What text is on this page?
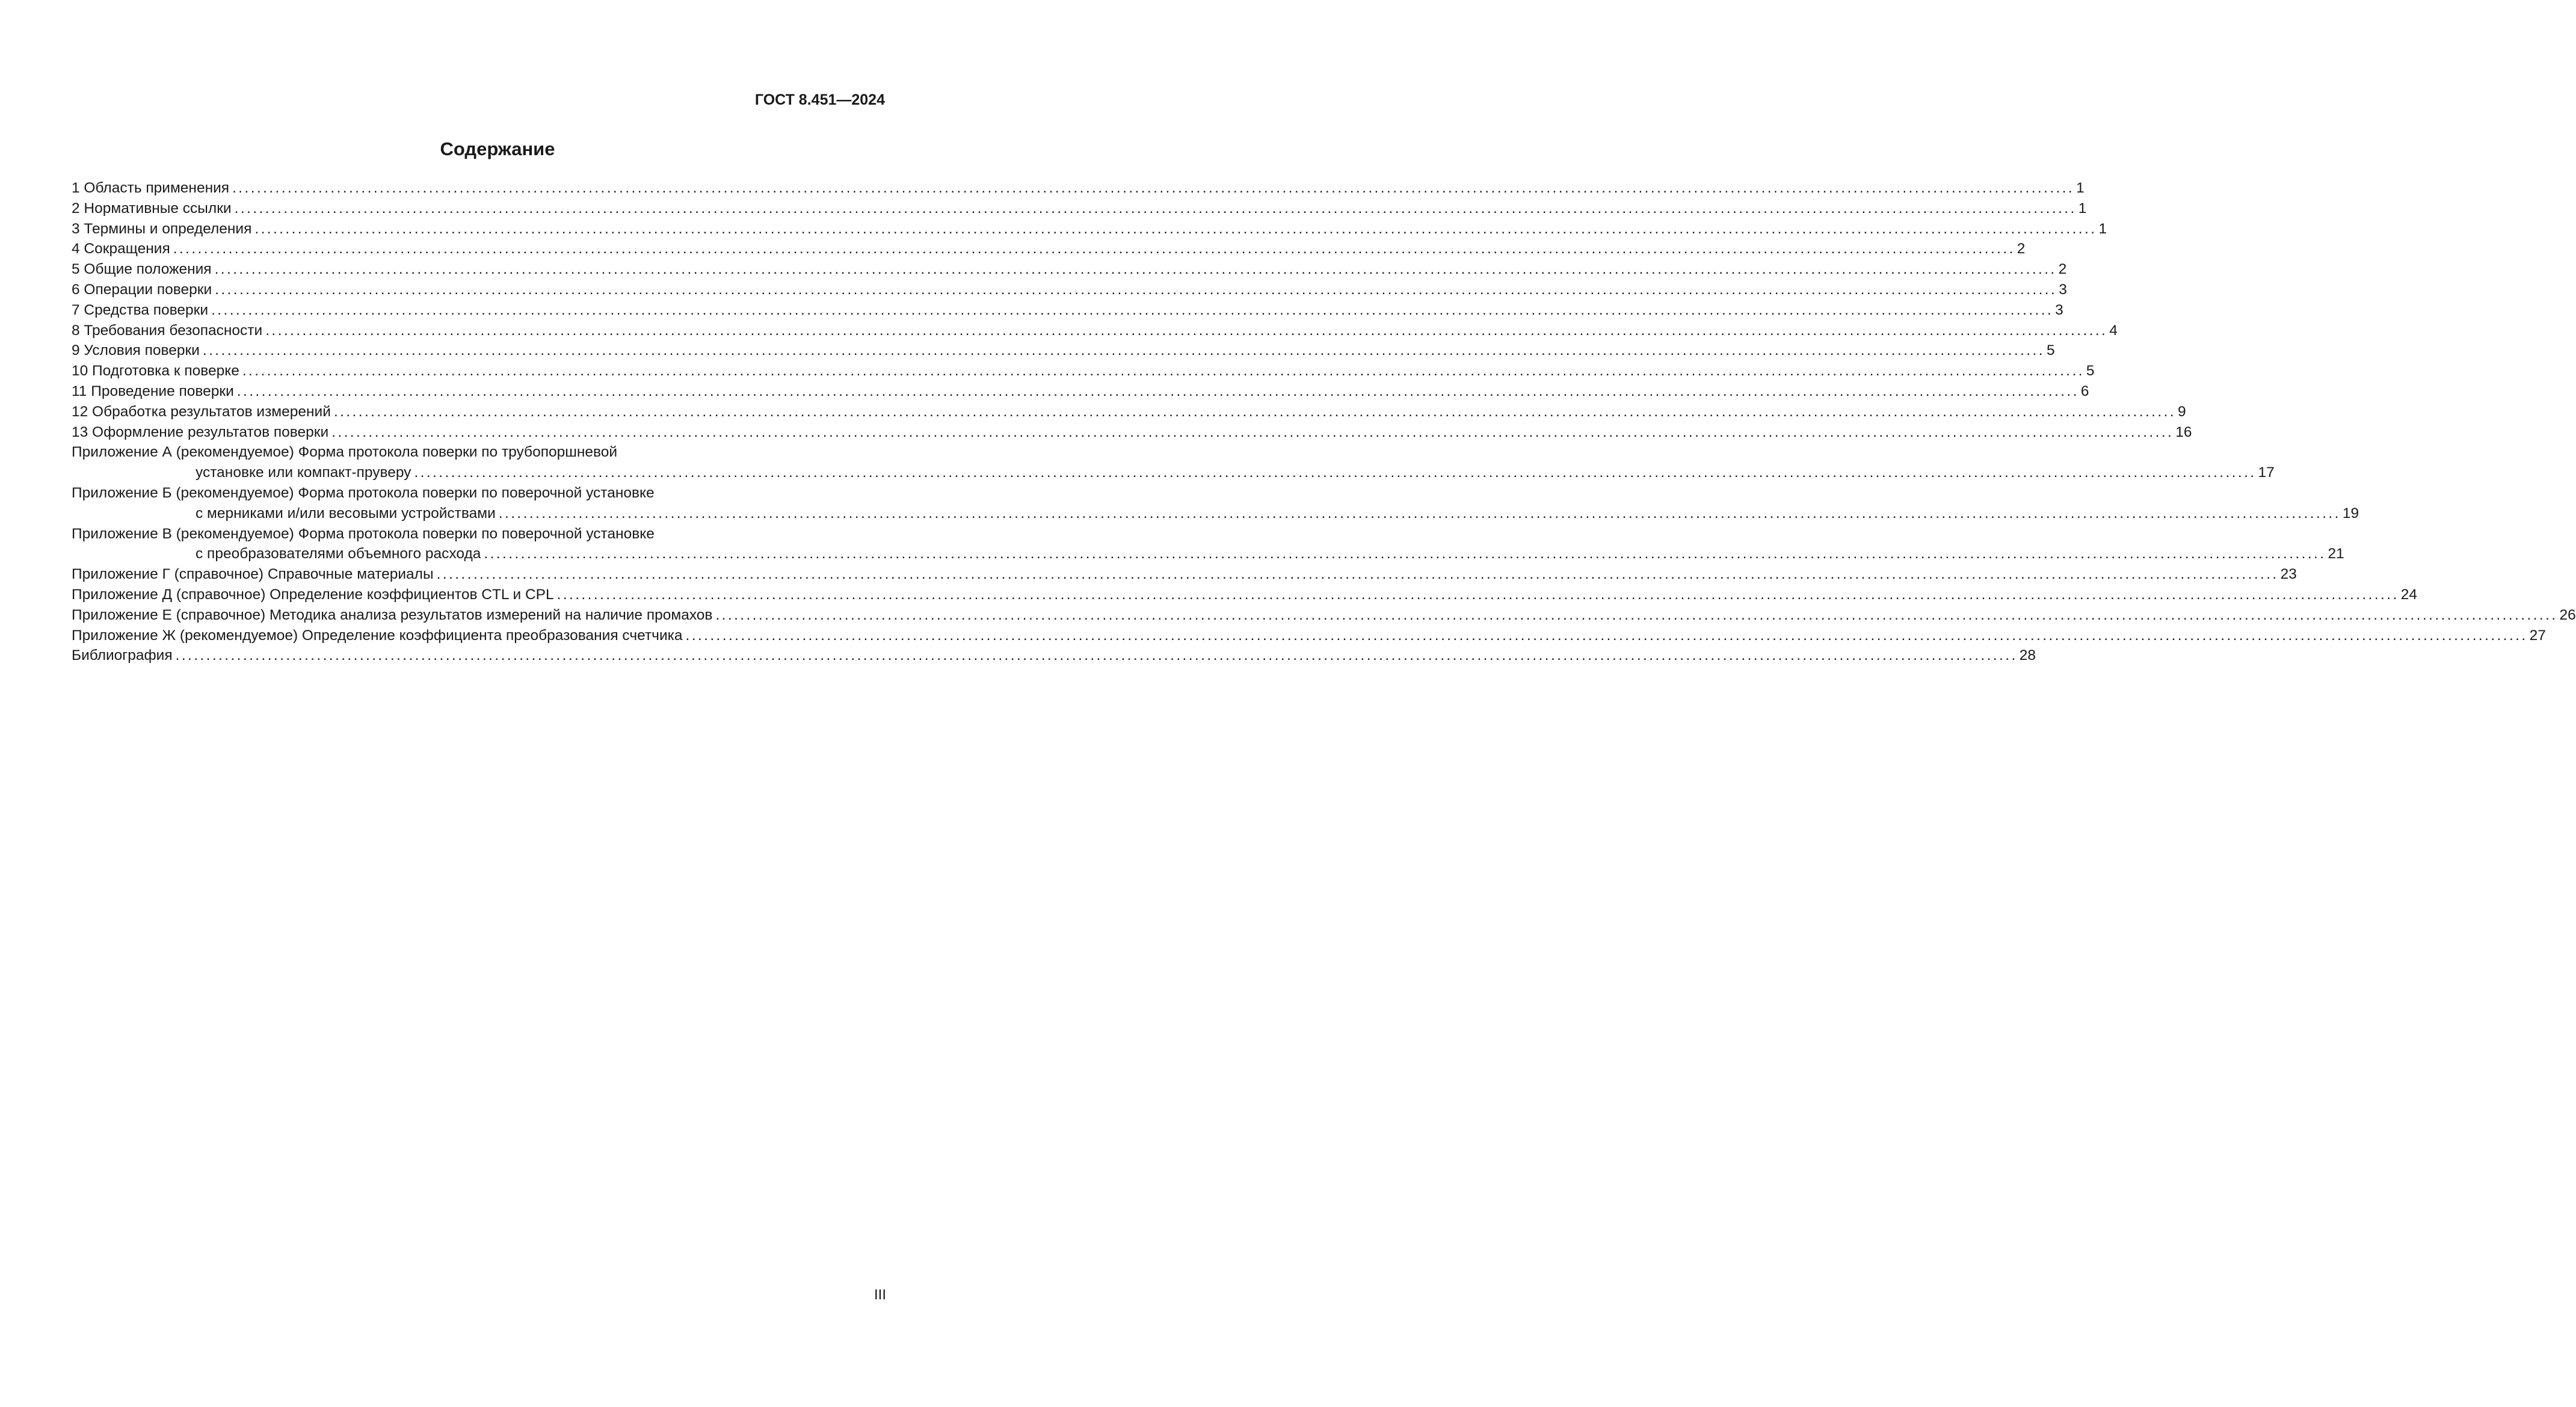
ГОСТ 8.451—2024
Содержание
1 Область применения ............................................................................................................................................................................................................................................................................................................ 1
2 Нормативные ссылки ............................................................................................................................................................................................................................................................................................................ 1
3 Термины и определения ............................................................................................................................................................................................................................................................................................................ 1
4 Сокращения ............................................................................................................................................................................................................................................................................................................ 2
5 Общие положения ............................................................................................................................................................................................................................................................................................................ 2
6 Операции поверки ............................................................................................................................................................................................................................................................................................................ 3
7 Средства поверки ............................................................................................................................................................................................................................................................................................................ 3
8 Требования безопасности ............................................................................................................................................................................................................................................................................................................ 4
9 Условия поверки ............................................................................................................................................................................................................................................................................................................ 5
10 Подготовка к поверке ............................................................................................................................................................................................................................................................................................................ 5
11 Проведение поверки ............................................................................................................................................................................................................................................................................................................ 6
12 Обработка результатов измерений ............................................................................................................................................................................................................................................................................................................ 9
13 Оформление результатов поверки ............................................................................................................................................................................................................................................................................................................ 16
Приложение А (рекомендуемое) Форма протокола поверки по трубопоршневой
установке или компакт-пруверу ............................................................................................................................................................................................................................................................................................................ 17
Приложение Б (рекомендуемое) Форма протокола поверки по поверочной установке
с мерниками и/или весовыми устройствами ............................................................................................................................................................................................................................................................................................................ 19
Приложение В (рекомендуемое) Форма протокола поверки по поверочной установке
с преобразователями объемного расхода ............................................................................................................................................................................................................................................................................................................ 21
Приложение Г (справочное) Справочные материалы ............................................................................................................................................................................................................................................................................................................ 23
Приложение Д (справочное) Определение коэффициентов CTL и CPL ............................................................................................................................................................................................................................................................................................................ 24
Приложение Е (справочное) Методика анализа результатов измерений на наличие промахов ............................................................................................................................................................................................................................................................................................................ 26
Приложение Ж (рекомендуемое) Определение коэффициента преобразования счетчика ............................................................................................................................................................................................................................................................................................................ 27
Библиография ............................................................................................................................................................................................................................................................................................................ 28
III
